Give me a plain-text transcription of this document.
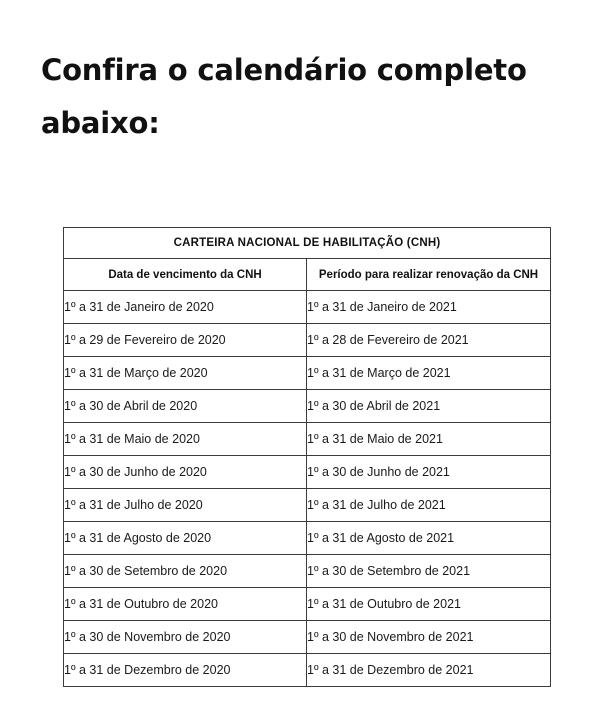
Confira o calendário completo
abaixo:
CARTEIRA NACIONAL DE HABILITAÇÃO (CNH)	
Data de vencimento da CNH	Período para realizar renovação da CNH
1º a 31 de Janeiro de 2020	1º a 31 de Janeiro de 2021
1º a 29 de Fevereiro de 2020	1º a 28 de Fevereiro de 2021
1º a 31 de Março de 2020	1º a 31 de Março de 2021
1º a 30 de Abril de 2020	1º a 30 de Abril de 2021
1º a 31 de Maio de 2020	1º a 31 de Maio de 2021
1º a 30 de Junho de 2020	1º a 30 de Junho de 2021
1º a 31 de Julho de 2020	1º a 31 de Julho de 2021
1º a 31 de Agosto de 2020	1º a 31 de Agosto de 2021
1º a 30 de Setembro de 2020	1º a 30 de Setembro de 2021
1º a 31 de Outubro de 2020	1º a 31 de Outubro de 2021
1º a 30 de Novembro de 2020	1º a 30 de Novembro de 2021
1º a 31 de Dezembro de 2020	1º a 31 de Dezembro de 2021
